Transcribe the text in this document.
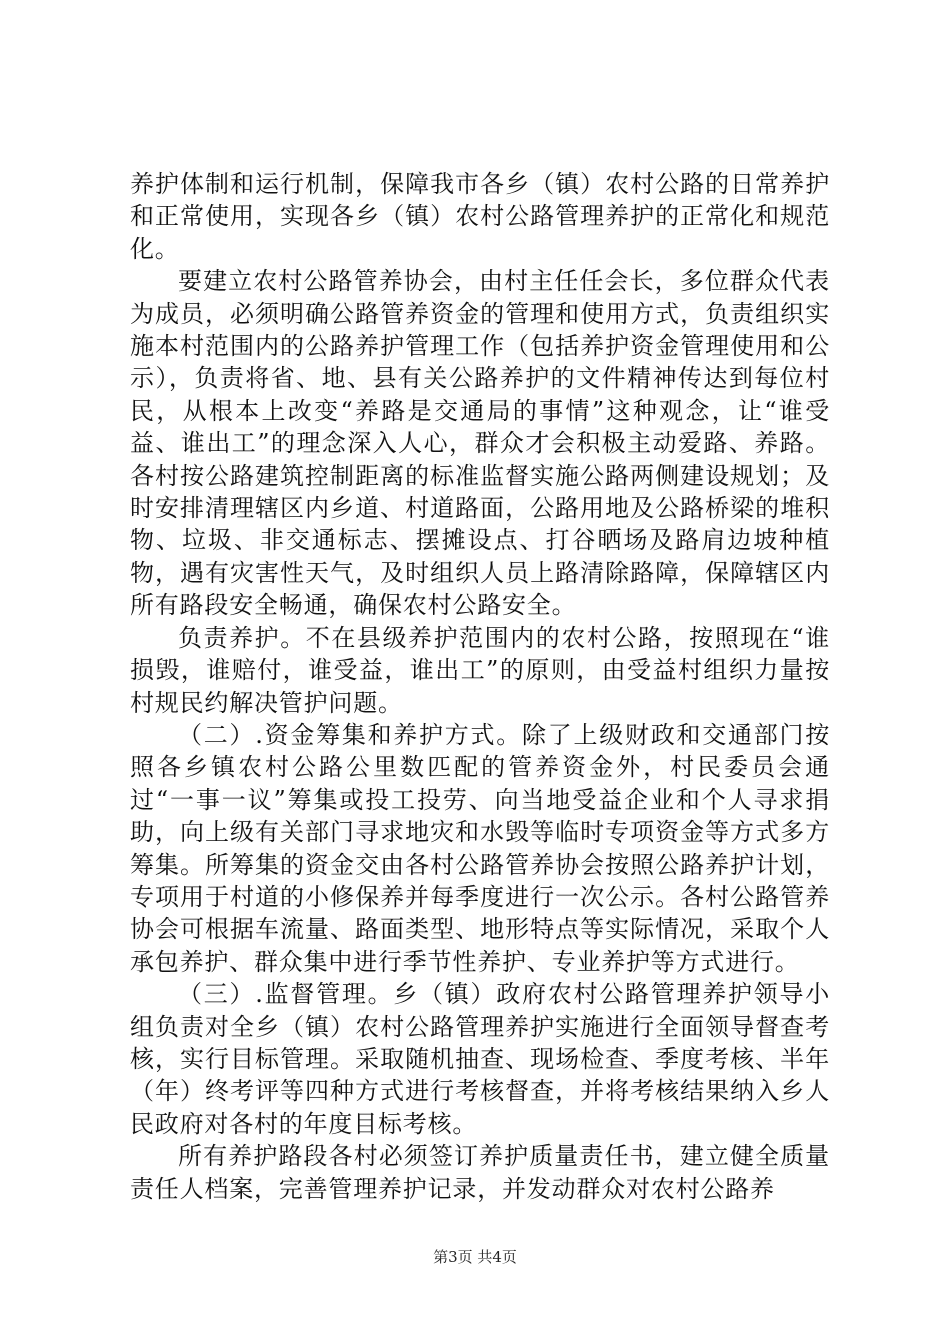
养护体制和运行机制，保障我市各乡（镇）农村公路的日常养护和正常使用，实现各乡（镇）农村公路管理养护的正常化和规范化。

要建立农村公路管养协会，由村主任任会长，多位群众代表为成员，必须明确公路管养资金的管理和使用方式，负责组织实施本村范围内的公路养护管理工作（包括养护资金管理使用和公示），负责将省、地、县有关公路养护的文件精神传达到每位村民，从根本上改变“养路是交通局的事情”这种观念，让“谁受益、谁出工”的理念深入人心，群众才会积极主动爱路、养路。各村按公路建筑控制距离的标准监督实施公路两侧建设规划；及时安排清理辖区内乡道、村道路面，公路用地及公路桥梁的堆积物、垃圾、非交通标志、摆摊设点、打谷晒场及路肩边坡种植物，遇有灾害性天气，及时组织人员上路清除路障，保障辖区内所有路段安全畅通，确保农村公路安全。

负责养护。不在县级养护范围内的农村公路，按照现在“谁损毁，谁赔付，谁受益，谁出工”的原则，由受益村组织力量按村规民约解决管护问题。

（二）.资金筹集和养护方式。除了上级财政和交通部门按照各乡镇农村公路公里数匹配的管养资金外，村民委员会通过“一事一议”筹集或投工投劳、向当地受益企业和个人寻求捐助，向上级有关部门寻求地灾和水毁等临时专项资金等方式多方筹集。所筹集的资金交由各村公路管养协会按照公路养护计划，专项用于村道的小修保养并每季度进行一次公示。各村公路管养协会可根据车流量、路面类型、地形特点等实际情况，采取个人承包养护、群众集中进行季节性养护、专业养护等方式进行。

（三）.监督管理。乡（镇）政府农村公路管理养护领导小组负责对全乡（镇）农村公路管理养护实施进行全面领导督查考核，实行目标管理。采取随机抽查、现场检查、季度考核、半年（年）终考评等四种方式进行考核督查，并将考核结果纳入乡人民政府对各村的年度目标考核。

所有养护路段各村必须签订养护质量责任书，建立健全质量责任人档案，完善管理养护记录，并发动群众对农村公路养

第3页 共4页
